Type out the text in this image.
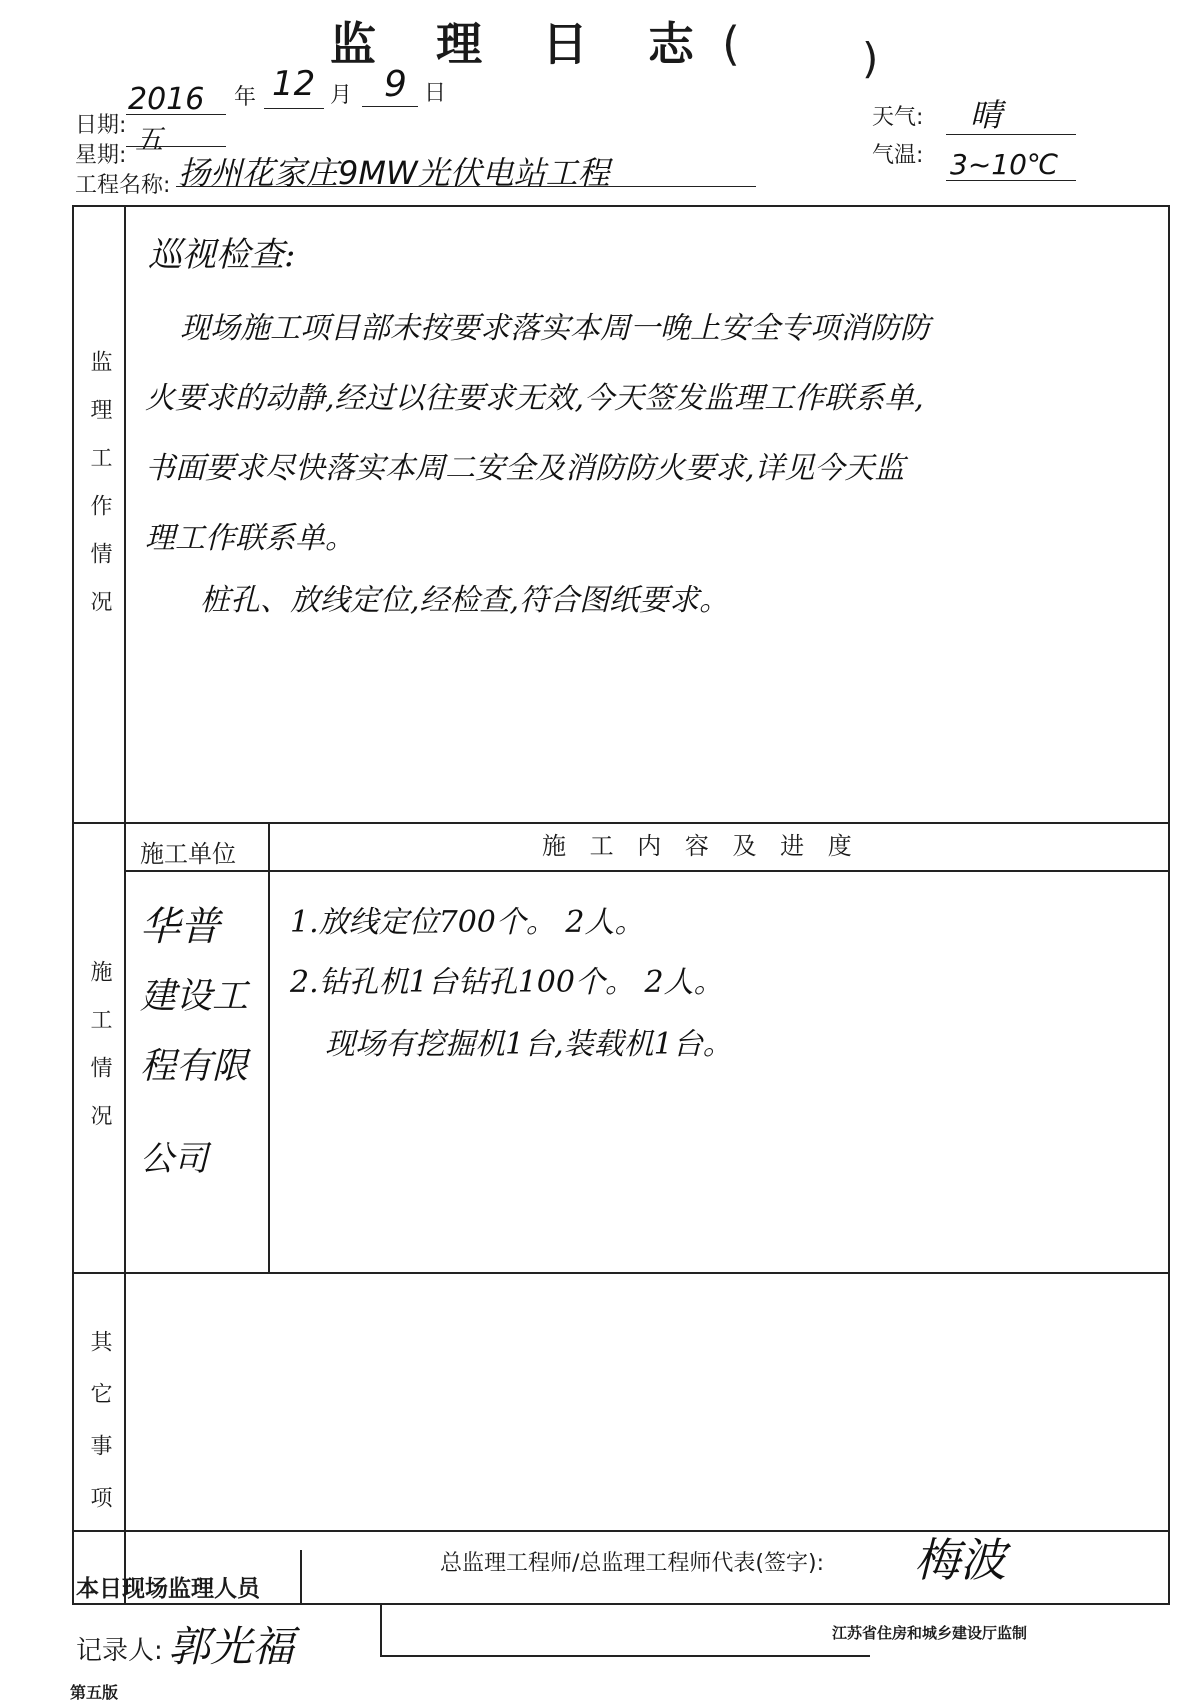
监 理 日 志 (	)
日期:
2016 年 12 月 9 日
星期: 五
工程名称: 扬州花家庄9MW光伏电站工程
天气: 晴
气温: 3~10℃
监理工作情况
巡视检查:
现场施工项目部未按要求落实本周一晚上安全专项消防防
火要求的动静,经过以往要求无效,今天签发监理工作联系单,
书面要求尽快落实本周二安全及消防防火要求,详见今天监
理工作联系单。
桩孔、放线定位,经检查,符合图纸要求。
施工情况
施工单位	施 工 内 容 及 进 度
华普
建设工
程有限
公司
1.放线定位700个。 2人。
2.钻孔机1台钻孔100个。 2人。
现场有挖掘机1台,装载机1台。
其它事项
本日现场监理人员
总监理工程师/总监理工程师代表(签字): 梅波
记录人: 郭光福	江苏省住房和城乡建设厅监制
第五版
